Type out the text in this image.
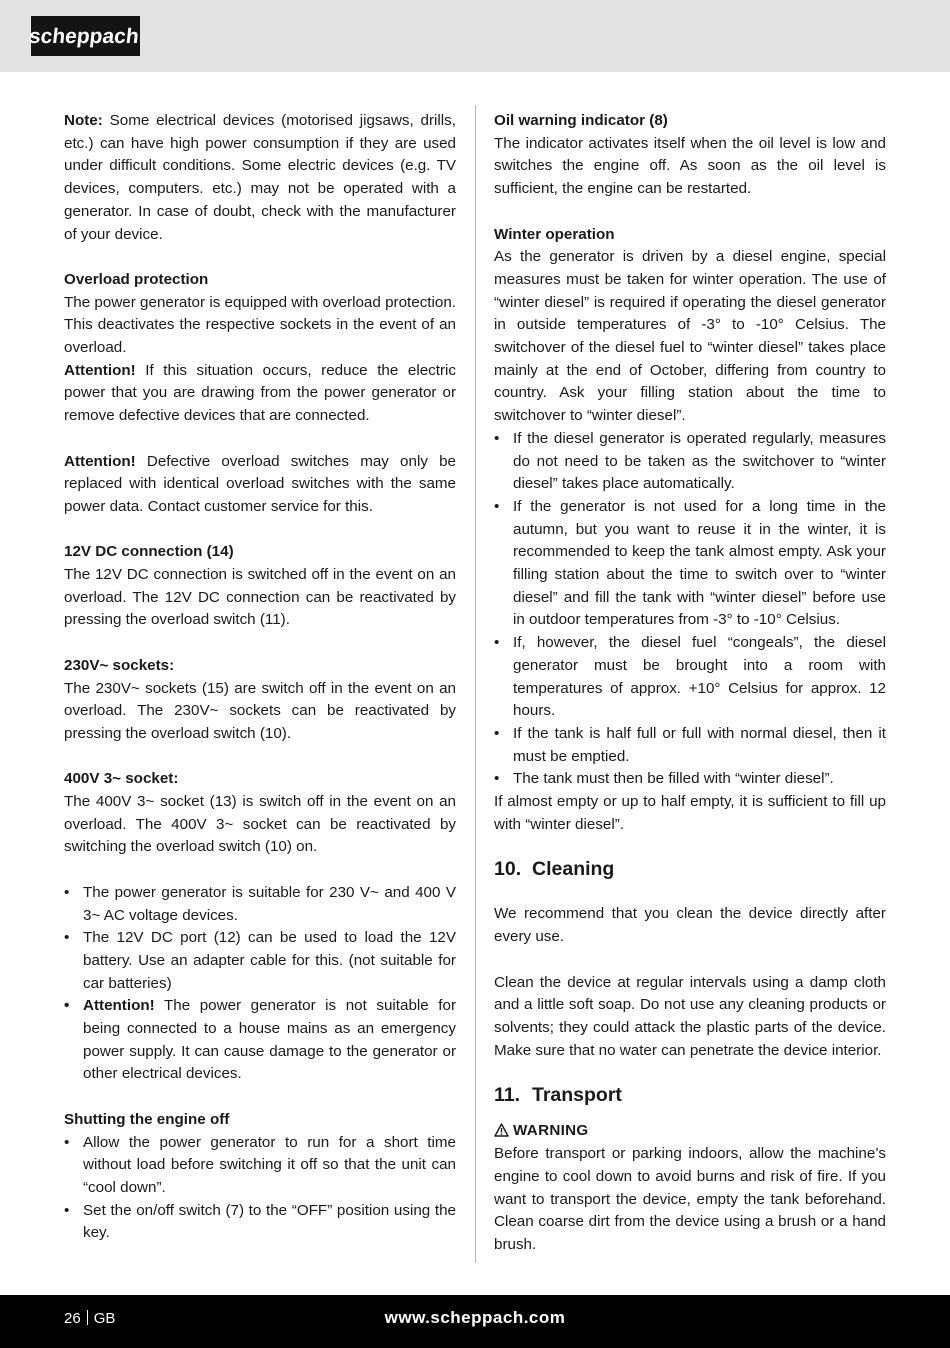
scheppach

Note: Some electrical devices (motorised jigsaws, drills, etc.) can have high power consumption if they are used under difficult conditions. Some electric devices (e.g. TV devices, computers. etc.) may not be operated with a generator. In case of doubt, check with the manufacturer of your device.

Overload protection

The power generator is equipped with overload protection. This deactivates the respective sockets in the event of an overload.

Attention! If this situation occurs, reduce the electric power that you are drawing from the power generator or remove defective devices that are connected.

Attention! Defective overload switches may only be replaced with identical overload switches with the same power data. Contact customer service for this.

12V DC connection (14)

The 12V DC connection is switched off in the event on an overload. The 12V DC connection can be reactivated by pressing the overload switch (11).

230V~ sockets:

The 230V~ sockets (15) are switch off in the event on an overload. The 230V~ sockets can be reactivated by pressing the overload switch (10).

400V 3~ socket:

The 400V 3~ socket (13) is switch off in the event on an overload. The 400V 3~ socket can be reactivated by switching the overload switch (10) on.

• The power generator is suitable for 230 V~ and 400 V 3~ AC voltage devices.
• The 12V DC port (12) can be used to load the 12V battery. Use an adapter cable for this. (not suitable for car batteries)
• Attention! The power generator is not suitable for being connected to a house mains as an emergency power supply. It can cause damage to the generator or other electrical devices.

Shutting the engine off

• Allow the power generator to run for a short time without load before switching it off so that the unit can “cool down”.
• Set the on/off switch (7) to the “OFF” position using the key.

Oil warning indicator (8)

The indicator activates itself when the oil level is low and switches the engine off. As soon as the oil level is sufficient, the engine can be restarted.

Winter operation

As the generator is driven by a diesel engine, special measures must be taken for winter operation. The use of “winter diesel” is required if operating the diesel generator in outside temperatures of -3° to -10° Celsius. The switchover of the diesel fuel to “winter diesel” takes place mainly at the end of October, differing from country to country. Ask your filling station about the time to switchover to “winter diesel”.

• If the diesel generator is operated regularly, measures do not need to be taken as the switchover to “winter diesel” takes place automatically.
• If the generator is not used for a long time in the autumn, but you want to reuse it in the winter, it is recommended to keep the tank almost empty. Ask your filling station about the time to switch over to “winter diesel” and fill the tank with “winter diesel” before use in outdoor temperatures from -3° to -10° Celsius.
• If, however, the diesel fuel “congeals”, the diesel generator must be brought into a room with temperatures of approx. +10° Celsius for approx. 12 hours.
• If the tank is half full or full with normal diesel, then it must be emptied.
• The tank must then be filled with “winter diesel”.

If almost empty or up to half empty, it is sufficient to fill up with “winter diesel”.

10. Cleaning

We recommend that you clean the device directly after every use.

Clean the device at regular intervals using a damp cloth and a little soft soap. Do not use any cleaning products or solvents; they could attack the plastic parts of the device. Make sure that no water can penetrate the device interior.

11. Transport

WARNING

Before transport or parking indoors, allow the machine’s engine to cool down to avoid burns and risk of fire. If you want to transport the device, empty the tank beforehand. Clean coarse dirt from the device using a brush or a hand brush.

26 GB	www.scheppach.com
